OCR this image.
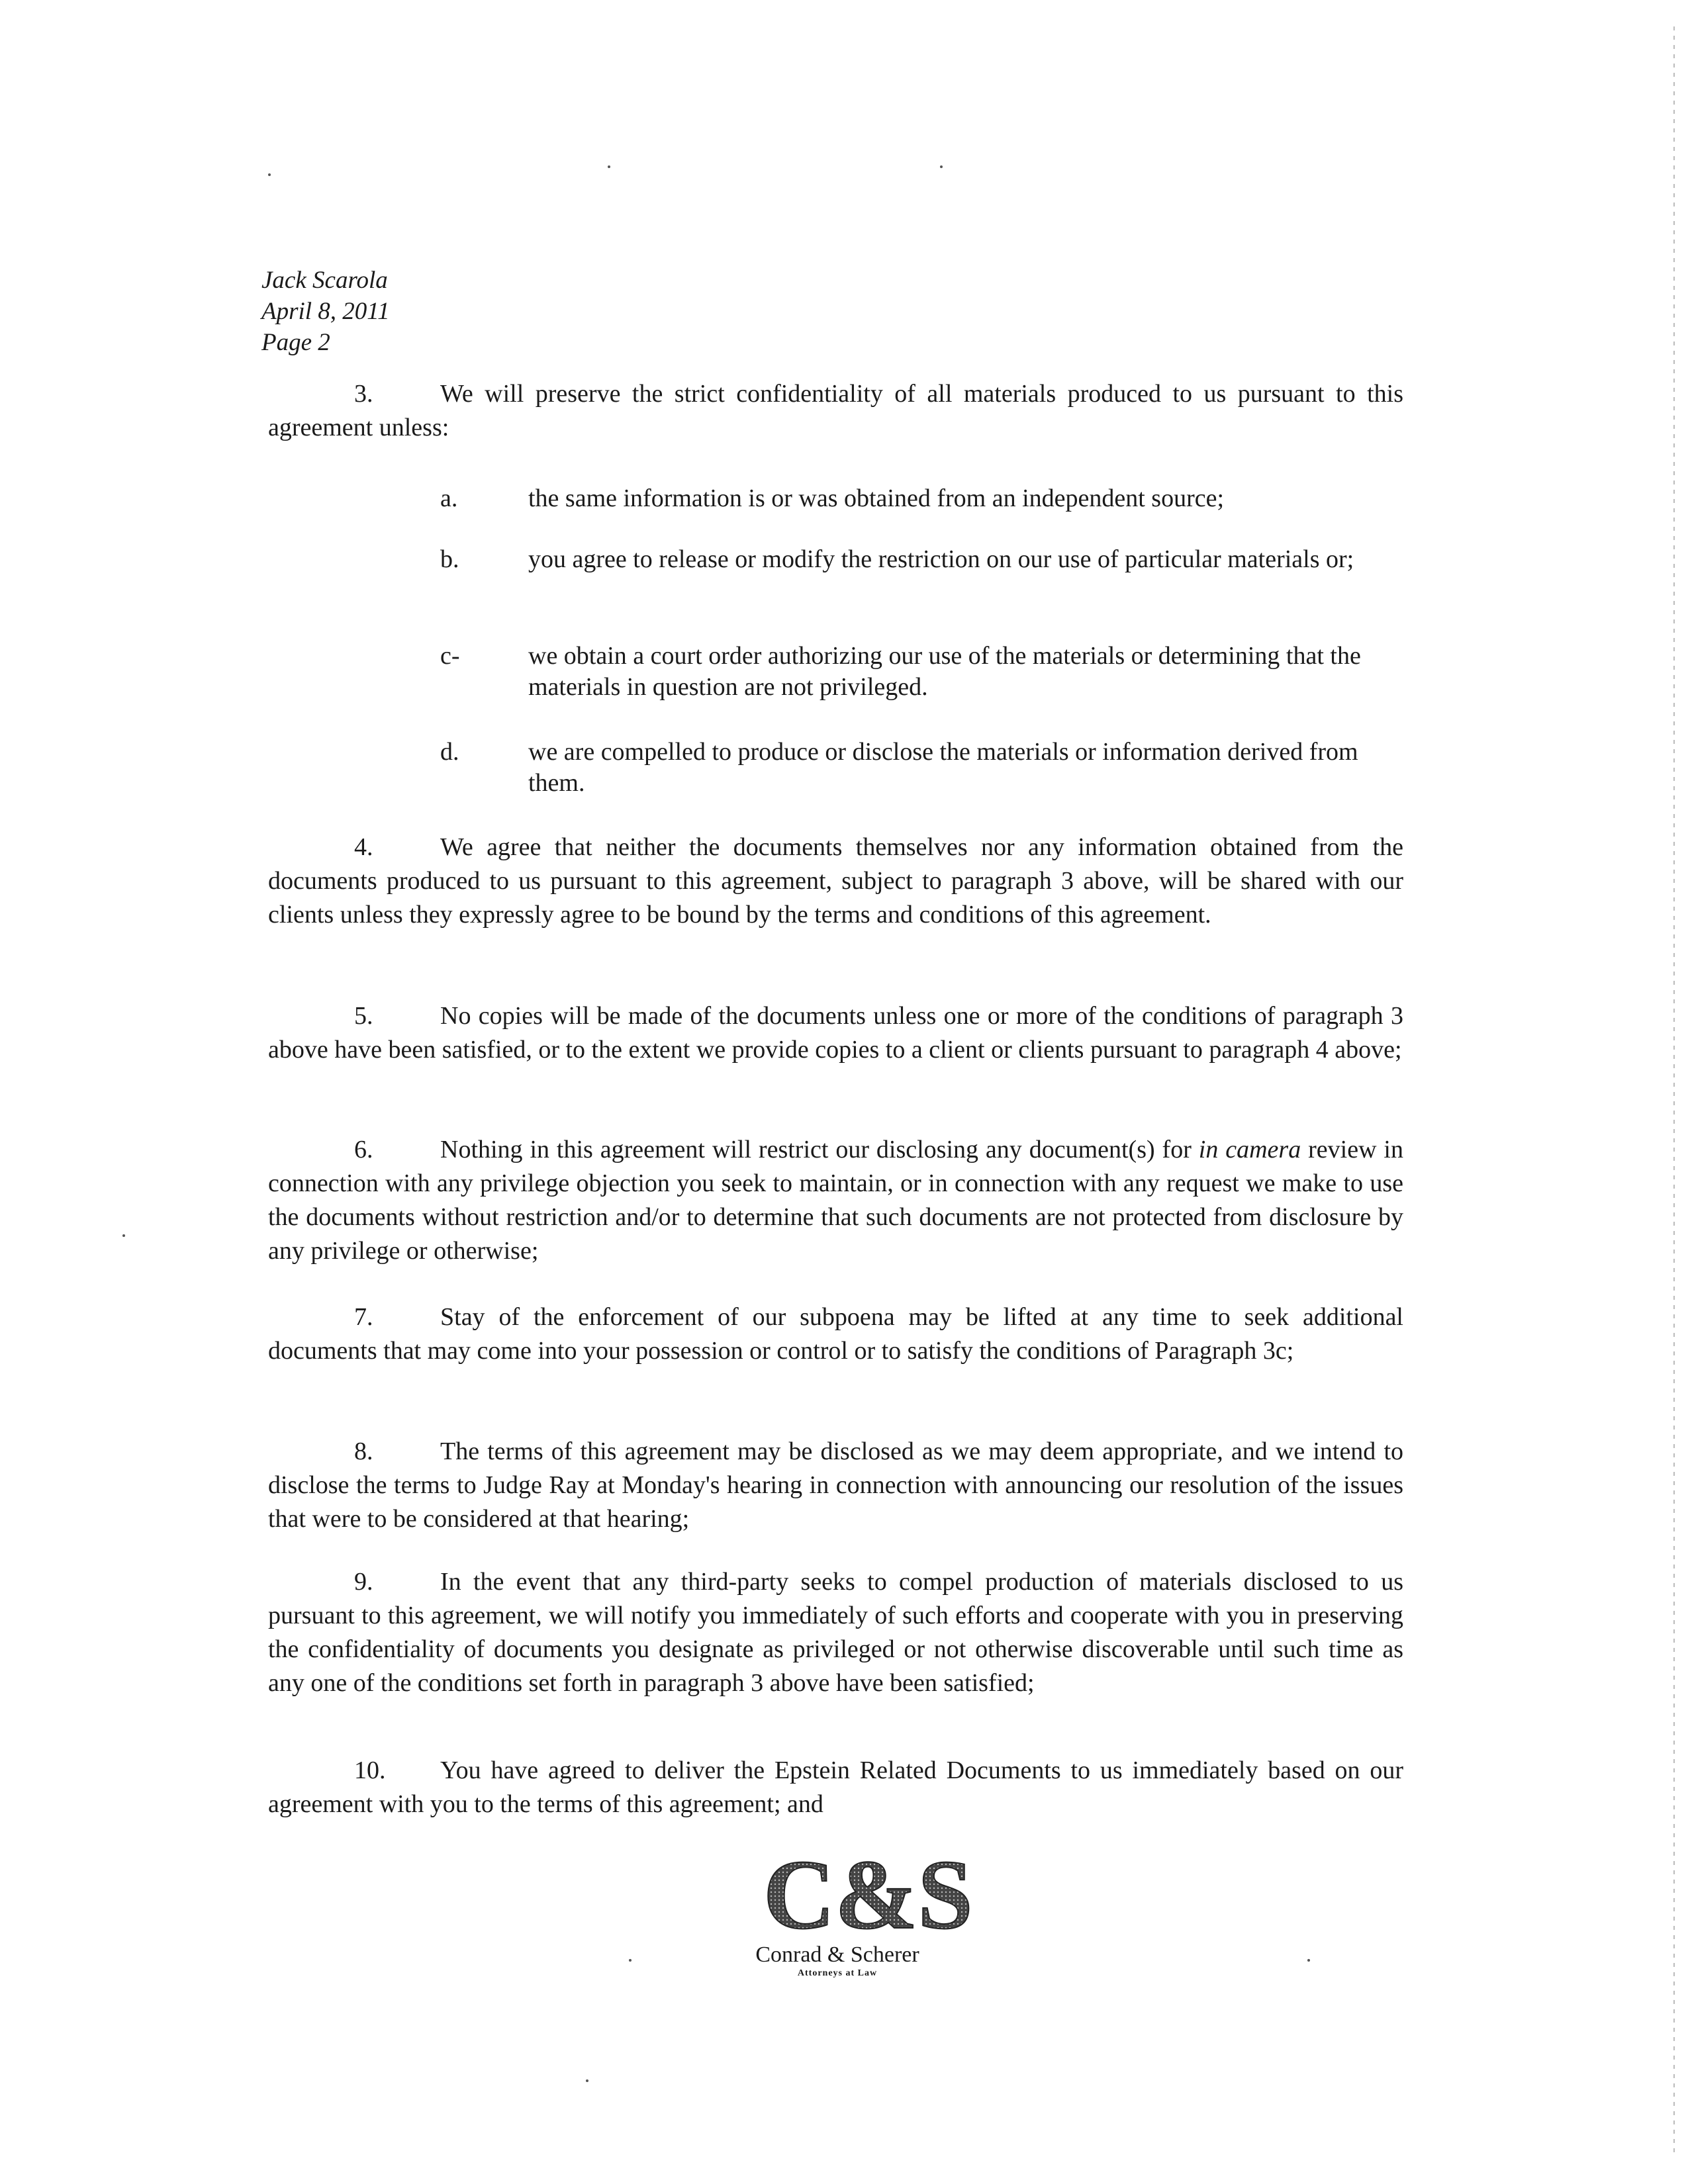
Jack Scarola
April 8, 2011
Page 2
3.	We will preserve the strict confidentiality of all materials produced to us pursuant to this agreement unless:
a.	the same information is or was obtained from an independent source;
b.	you agree to release or modify the restriction on our use of particular materials or;
c-	we obtain a court order authorizing our use of the materials or determining that the materials in question are not privileged.
d.	we are compelled to produce or disclose the materials or information derived from them.
4.	We agree that neither the documents themselves nor any information obtained from the documents produced to us pursuant to this agreement, subject to paragraph 3 above, will be shared with our clients unless they expressly agree to be bound by the terms and conditions of this agreement.
5.	No copies will be made of the documents unless one or more of the conditions of paragraph 3 above have been satisfied, or to the extent we provide copies to a client or clients pursuant to paragraph 4 above;
6.	Nothing in this agreement will restrict our disclosing any document(s) for in camera review in connection with any privilege objection you seek to maintain, or in connection with any request we make to use the documents without restriction and/or to determine that such documents are not protected from disclosure by any privilege or otherwise;
7.	Stay of the enforcement of our subpoena may be lifted at any time to seek additional documents that may come into your possession or control or to satisfy the conditions of Paragraph 3c;
8.	The terms of this agreement may be disclosed as we may deem appropriate, and we intend to disclose the terms to Judge Ray at Monday's hearing in connection with announcing our resolution of the issues that were to be considered at that hearing;
9.	In the event that any third-party seeks to compel production of materials disclosed to us pursuant to this agreement, we will notify you immediately of such efforts and cooperate with you in preserving the confidentiality of documents you designate as privileged or not otherwise discoverable until such time as any one of the conditions set forth in paragraph 3 above have been satisfied;
10. You have agreed to deliver the Epstein Related Documents to us immediately based on our agreement with you to the terms of this agreement; and
C&S
Conrad & Scherer
Attorneys at Law
